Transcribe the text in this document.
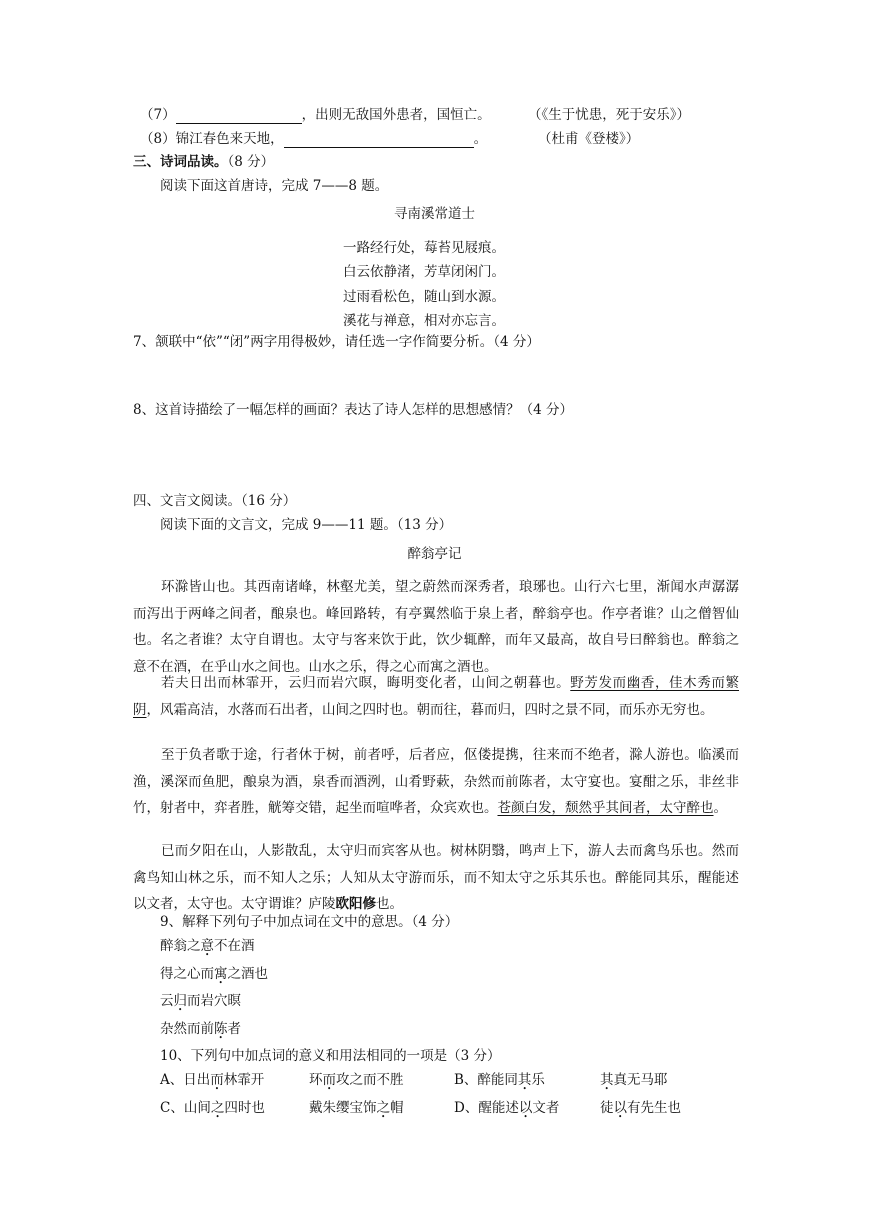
（7）	，出则无敌国外患者，国恒亡。	（《生于忧患，死于安乐》）
（8）锦江春色来天地，	。	（杜甫《登楼》）
三、诗词品读。（8 分）
阅读下面这首唐诗，完成 7——8 题。
寻南溪常道士
一路经行处，莓苔见屐痕。
白云依静渚，芳草闭闲门。
过雨看松色，随山到水源。
溪花与禅意，相对亦忘言。
7、颔联中“依”“闭”两字用得极妙，请任选一字作简要分析。（4 分）
8、这首诗描绘了一幅怎样的画面？表达了诗人怎样的思想感情？（4 分）
四、文言文阅读。（16 分）
阅读下面的文言文，完成 9——11 题。（13 分）
醉翁亭记
环滁皆山也。其西南诸峰，林壑尤美，望之蔚然而深秀者，琅琊也。山行六七里，渐闻水声潺潺而泻出于两峰之间者，酿泉也。峰回路转，有亭翼然临于泉上者，醉翁亭也。作亭者谁？山之僧智仙也。名之者谁？太守自谓也。太守与客来饮于此，饮少辄醉，而年又最高，故自号曰醉翁也。醉翁之意不在酒，在乎山水之间也。山水之乐，得之心而寓之酒也。
若夫日出而林霏开，云归而岩穴暝，晦明变化者，山间之朝暮也。野芳发而幽香，佳木秀而繁阴，风霜高洁，水落而石出者，山间之四时也。朝而往，暮而归，四时之景不同，而乐亦无穷也。
至于负者歌于途，行者休于树，前者呼，后者应，伛偻提携，往来而不绝者，滁人游也。临溪而渔，溪深而鱼肥，酿泉为酒，泉香而酒洌，山肴野蔌，杂然而前陈者，太守宴也。宴酣之乐，非丝非竹，射者中，弈者胜，觥筹交错，起坐而喧哗者，众宾欢也。苍颜白发，颓然乎其间者，太守醉也。
已而夕阳在山，人影散乱，太守归而宾客从也。树林阴翳，鸣声上下，游人去而禽鸟乐也。然而禽鸟知山林之乐，而不知人之乐；人知从太守游而乐，而不知太守之乐其乐也。醉能同其乐，醒能述以文者，太守也。太守谓谁？庐陵欧阳修也。
9、解释下列句子中加点词在文中的意思。（4 分）
醉翁之意不在酒
得之心而寓之酒也
云归而岩穴暝
杂然而前陈者
10、下列句中加点词的意义和用法相同的一项是（3 分）
A、日出而林霏开	环而攻之而不胜	B、醉能同其乐	其真无马耶
C、山间之四时也	戴朱缨宝饰之帽	D、醒能述以文者	徒以有先生也
